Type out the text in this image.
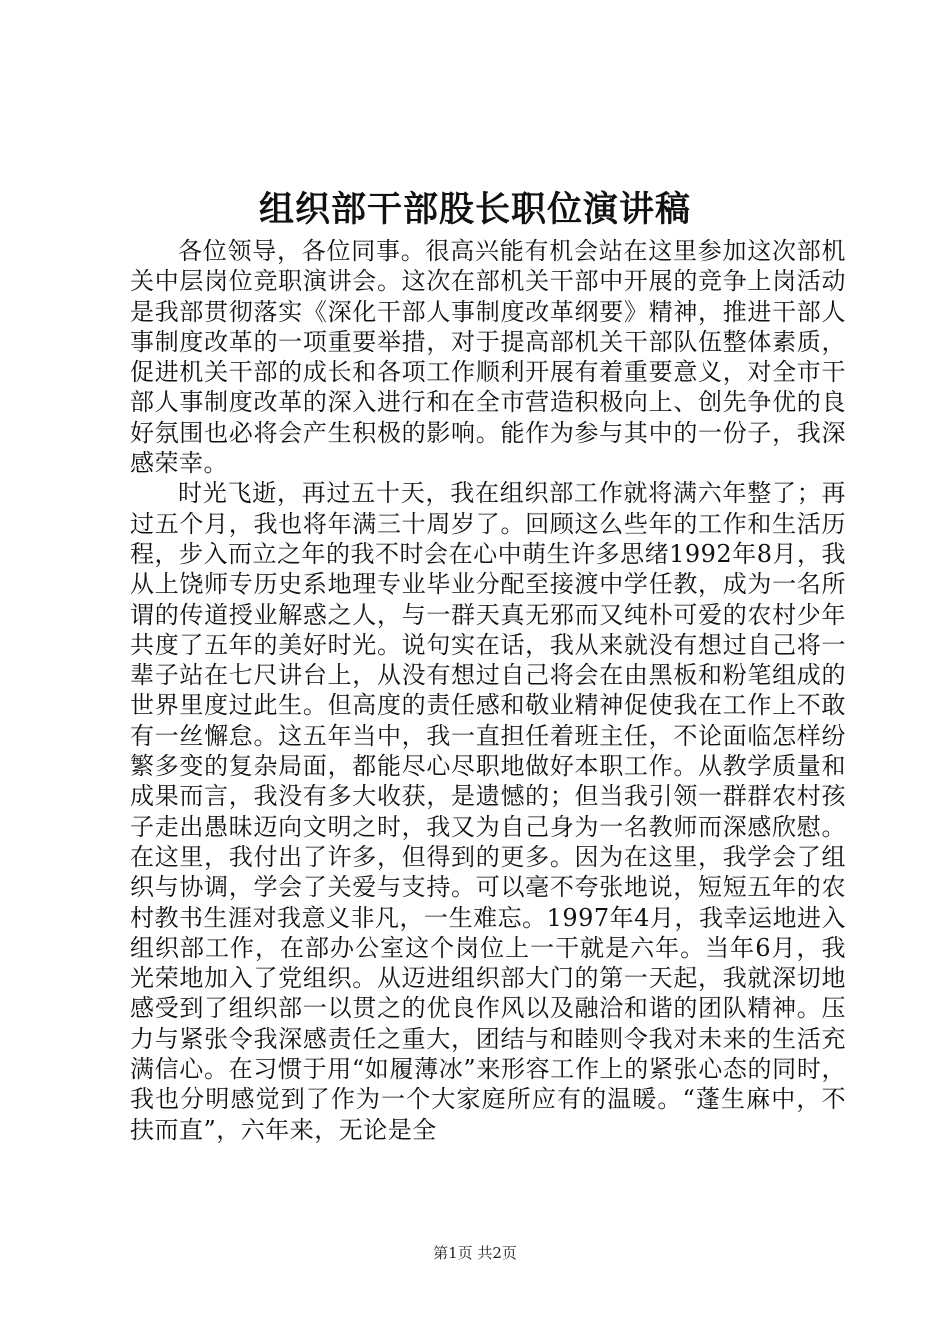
组织部干部股长职位演讲稿

各位领导，各位同事。很高兴能有机会站在这里参加这次部机关中层岗位竞职演讲会。这次在部机关干部中开展的竞争上岗活动是我部贯彻落实《深化干部人事制度改革纲要》精神，推进干部人事制度改革的一项重要举措，对于提高部机关干部队伍整体素质，促进机关干部的成长和各项工作顺利开展有着重要意义，对全市干部人事制度改革的深入进行和在全市营造积极向上、创先争优的良好氛围也必将会产生积极的影响。能作为参与其中的一份子，我深感荣幸。

时光飞逝，再过五十天，我在组织部工作就将满六年整了；再过五个月，我也将年满三十周岁了。回顾这么些年的工作和生活历程，步入而立之年的我不时会在心中萌生许多思绪1992年8月，我从上饶师专历史系地理专业毕业分配至接渡中学任教，成为一名所谓的传道授业解惑之人，与一群天真无邪而又纯朴可爱的农村少年共度了五年的美好时光。说句实在话，我从来就没有想过自己将一辈子站在七尺讲台上，从没有想过自己将会在由黑板和粉笔组成的世界里度过此生。但高度的责任感和敬业精神促使我在工作上不敢有一丝懈怠。这五年当中，我一直担任着班主任，不论面临怎样纷繁多变的复杂局面，都能尽心尽职地做好本职工作。从教学质量和成果而言，我没有多大收获，是遗憾的；但当我引领一群群农村孩子走出愚昧迈向文明之时，我又为自己身为一名教师而深感欣慰。在这里，我付出了许多，但得到的更多。因为在这里，我学会了组织与协调，学会了关爱与支持。可以毫不夸张地说，短短五年的农村教书生涯对我意义非凡，一生难忘。1997年4月，我幸运地进入组织部工作，在部办公室这个岗位上一干就是六年。当年6月，我光荣地加入了党组织。从迈进组织部大门的第一天起，我就深切地感受到了组织部一以贯之的优良作风以及融洽和谐的团队精神。压力与紧张令我深感责任之重大，团结与和睦则令我对未来的生活充满信心。在习惯于用“如履薄冰”来形容工作上的紧张心态的同时，我也分明感觉到了作为一个大家庭所应有的温暖。“蓬生麻中，不扶而直”，六年来，无论是全

第1页 共2页
